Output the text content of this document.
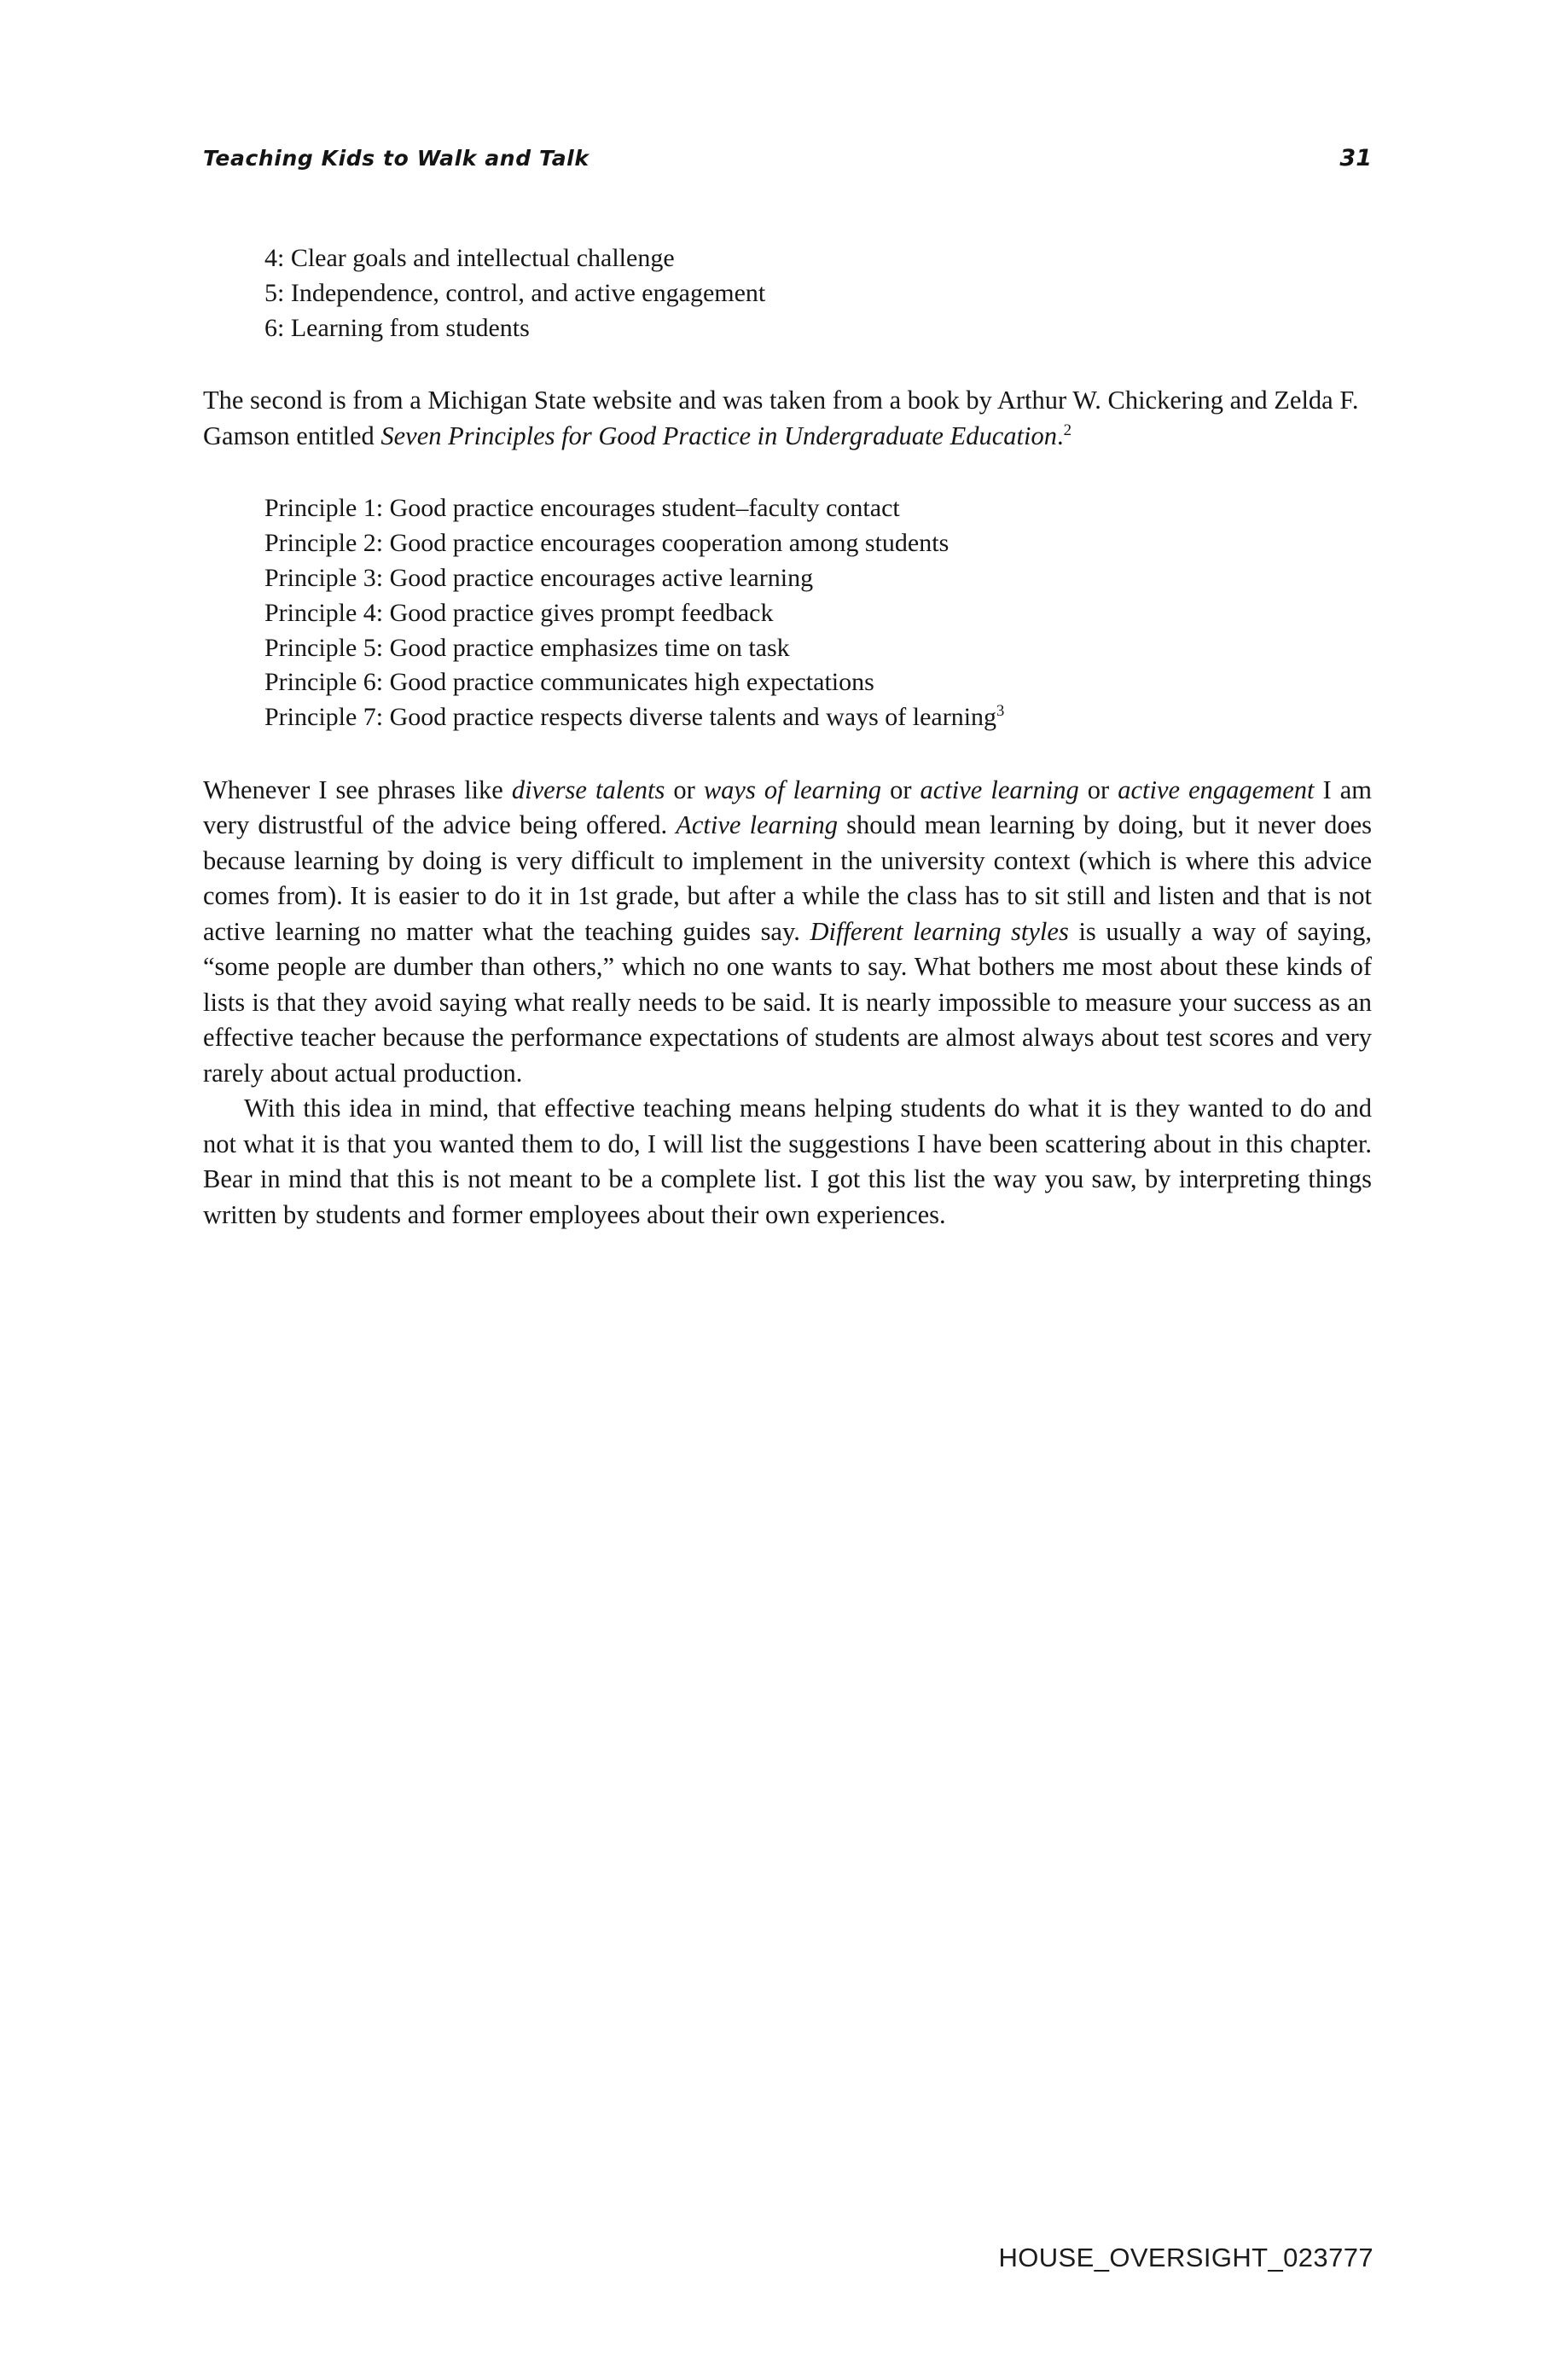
Teaching Kids to Walk and Talk	31
4: Clear goals and intellectual challenge
5: Independence, control, and active engagement
6: Learning from students
The second is from a Michigan State website and was taken from a book by Arthur W. Chickering and Zelda F. Gamson entitled Seven Principles for Good Practice in Undergraduate Education.$^2$
Principle 1: Good practice encourages student–faculty contact
Principle 2: Good practice encourages cooperation among students
Principle 3: Good practice encourages active learning
Principle 4: Good practice gives prompt feedback
Principle 5: Good practice emphasizes time on task
Principle 6: Good practice communicates high expectations
Principle 7: Good practice respects diverse talents and ways of learning$^3$
Whenever I see phrases like diverse talents or ways of learning or active learning or active engagement I am very distrustful of the advice being offered. Active learning should mean learning by doing, but it never does because learning by doing is very difficult to implement in the university context (which is where this advice comes from). It is easier to do it in 1st grade, but after a while the class has to sit still and listen and that is not active learning no matter what the teaching guides say. Different learning styles is usually a way of saying, “some people are dumber than others,” which no one wants to say. What bothers me most about these kinds of lists is that they avoid saying what really needs to be said. It is nearly impossible to measure your success as an effective teacher because the performance expectations of students are almost always about test scores and very rarely about actual production.
With this idea in mind, that effective teaching means helping students do what it is they wanted to do and not what it is that you wanted them to do, I will list the suggestions I have been scattering about in this chapter. Bear in mind that this is not meant to be a complete list. I got this list the way you saw, by interpreting things written by students and former employees about their own experiences.
HOUSE_OVERSIGHT_023777
